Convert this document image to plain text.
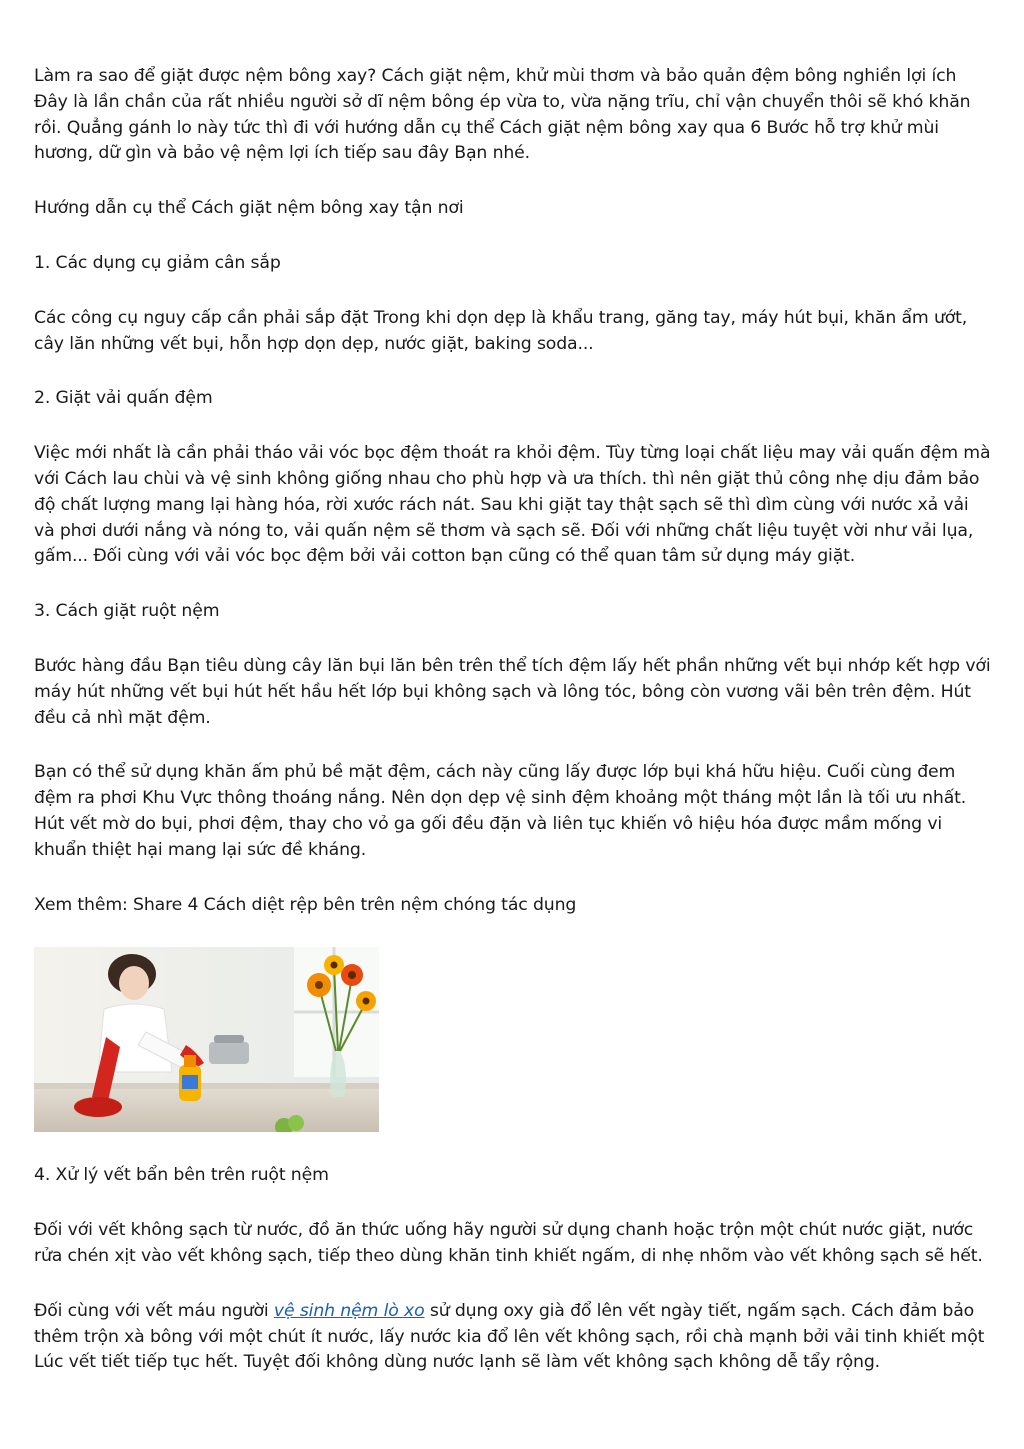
Làm ra sao để giặt được nệm bông xay? Cách giặt nệm, khử mùi thơm và bảo quản đệm bông nghiền lợi ích Đây là lần chần của rất nhiều người sở dĩ nệm bông ép vừa to, vừa nặng trĩu, chỉ vận chuyển thôi sẽ khó khăn rồi. Quẳng gánh lo này tức thì đi với hướng dẫn cụ thể Cách giặt nệm bông xay qua 6 Bước hỗ trợ khử mùi hương, dữ gìn và bảo vệ nệm lợi ích tiếp sau đây Bạn nhé.

Hướng dẫn cụ thể Cách giặt nệm bông xay tận nơi

1. Các dụng cụ giảm cân sắp

Các công cụ nguy cấp cần phải sắp đặt Trong khi dọn dẹp là khẩu trang, găng tay, máy hút bụi, khăn ẩm ướt, cây lăn những vết bụi, hỗn hợp dọn dẹp, nước giặt, baking soda...

2. Giặt vải quấn đệm

Việc mới nhất là cần phải tháo vải vóc bọc đệm thoát ra khỏi đệm. Tùy từng loại chất liệu may vải quấn đệm mà với Cách lau chùi và vệ sinh không giống nhau cho phù hợp và ưa thích. thì nên giặt thủ công nhẹ dịu đảm bảo độ chất lượng mang lại hàng hóa, rời xước rách nát. Sau khi giặt tay thật sạch sẽ thì dìm cùng với nước xả vải và phơi dưới nắng và nóng to, vải quấn nệm sẽ thơm và sạch sẽ. Đối với những chất liệu tuyệt vời như vải lụa, gấm... Đối cùng với vải vóc bọc đệm bởi vải cotton bạn cũng có thể quan tâm sử dụng máy giặt.

3. Cách giặt ruột nệm

Bước hàng đầu Bạn tiêu dùng cây lăn bụi lăn bên trên thể tích đệm lấy hết phần những vết bụi nhớp kết hợp với máy hút những vết bụi hút hết hầu hết lớp bụi không sạch và lông tóc, bông còn vương vãi bên trên đệm. Hút đều cả nhì mặt đệm.

Bạn có thể sử dụng khăn ấm phủ bề mặt đệm, cách này cũng lấy được lớp bụi khá hữu hiệu. Cuối cùng đem đệm ra phơi Khu Vực thông thoáng nắng. Nên dọn dẹp vệ sinh đệm khoảng một tháng một lần là tối ưu nhất. Hút vết mờ do bụi, phơi đệm, thay cho vỏ ga gối đều đặn và liên tục khiến vô hiệu hóa được mầm mống vi khuẩn thiệt hại mang lại sức đề kháng.

Xem thêm: Share 4 Cách diệt rệp bên trên nệm chóng tác dụng

4. Xử lý vết bẩn bên trên ruột nệm

Đối với vết không sạch từ nước, đồ ăn thức uống hãy người sử dụng chanh hoặc trộn một chút nước giặt, nước rửa chén xịt vào vết không sạch, tiếp theo dùng khăn tinh khiết ngấm, di nhẹ nhõm vào vết không sạch sẽ hết.

Đối cùng với vết máu người vệ sinh nệm lò xo sử dụng oxy già đổ lên vết ngày tiết, ngấm sạch. Cách đảm bảo thêm trộn xà bông với một chút ít nước, lấy nước kia đổ lên vết không sạch, rồi chà mạnh bởi vải tinh khiết một Lúc vết tiết tiếp tục hết. Tuyệt đối không dùng nước lạnh sẽ làm vết không sạch không dễ tẩy rộng.
